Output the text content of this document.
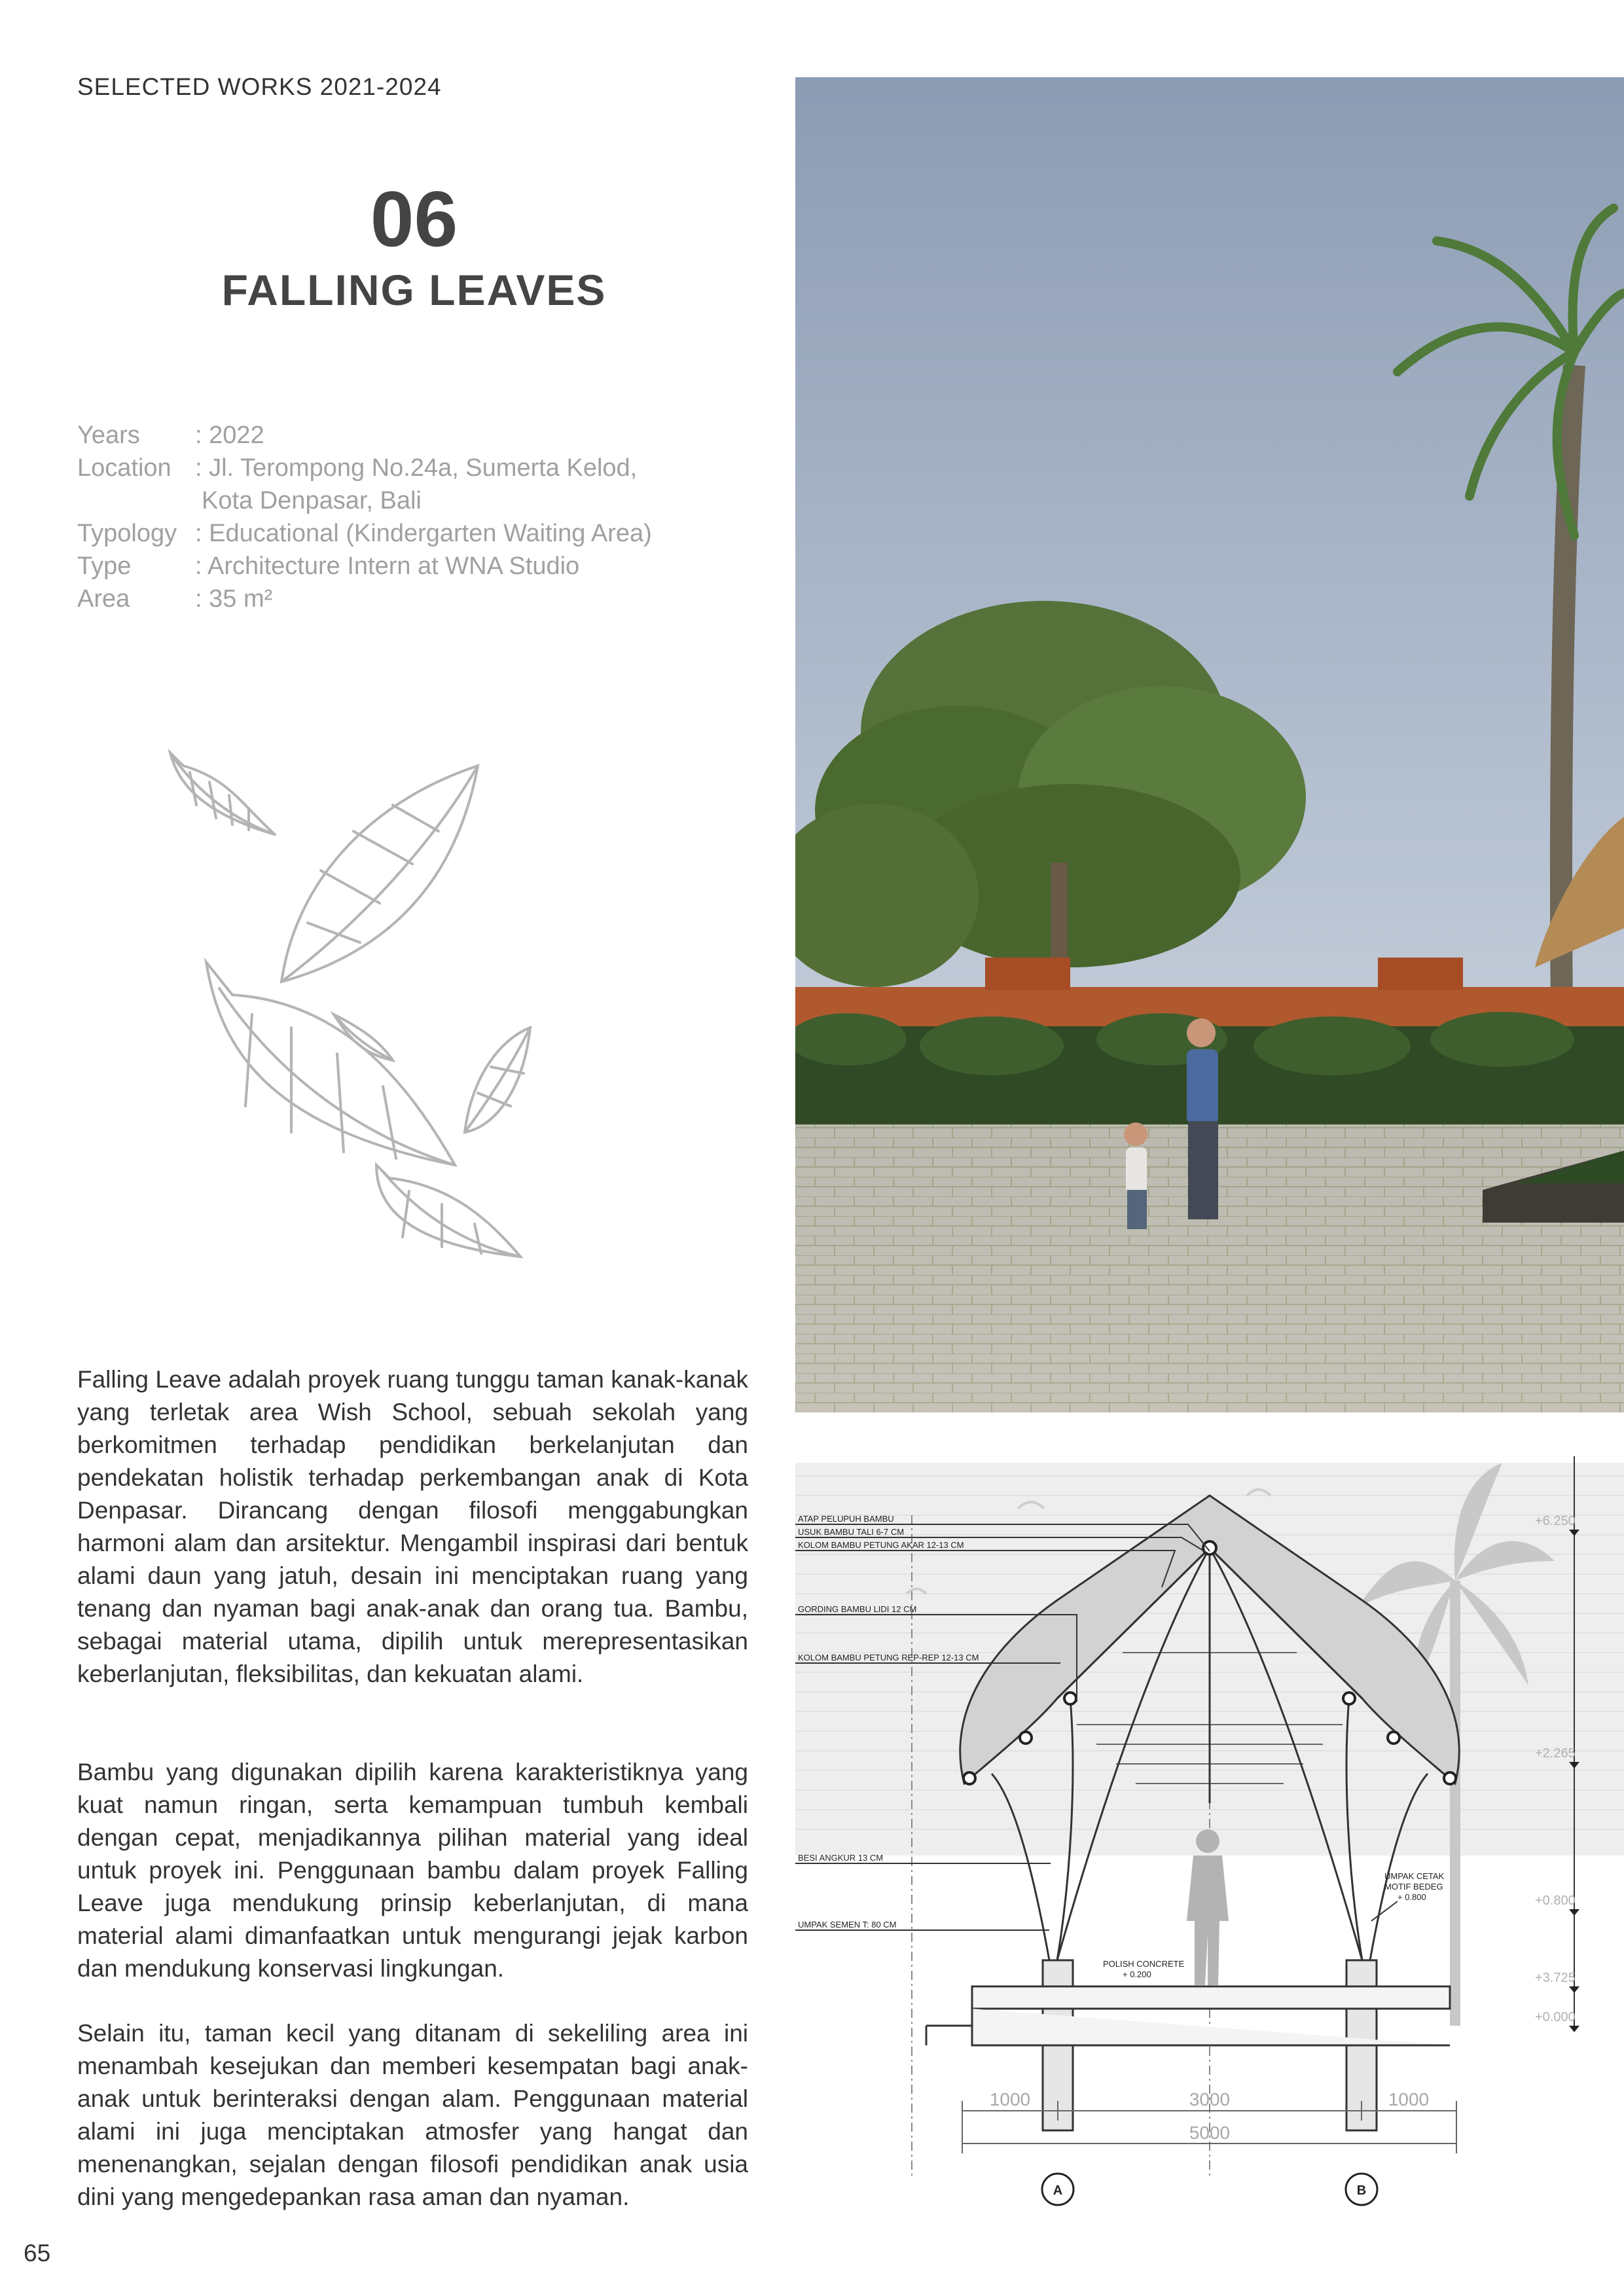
SELECTED WORKS 2021-2024
06
FALLING LEAVES
Years	: 2022
Location : Jl. Terompong No.24a, Sumerta Kelod,
Kota Denpasar, Bali
Typology : Educational (Kindergarten Waiting Area)
Type	: Architecture Intern at WNA Studio
Area	: 35 m²

Falling Leave adalah proyek ruang tunggu taman kanak-kanak yang terletak area Wish School, sebuah sekolah yang berkomitmen terhadap pendidikan berkelanjutan dan pendekatan holistik terhadap perkembangan anak di Kota Denpasar. Dirancang dengan filosofi menggabungkan harmoni alam dan arsitektur. Mengambil inspirasi dari bentuk alami daun yang jatuh, desain ini menciptakan ruang yang tenang dan nyaman bagi anak-anak dan orang tua. Bambu, sebagai material utama, dipilih untuk merepresentasikan keberlanjutan, fleksibilitas, dan kekuatan alami.

Bambu yang digunakan dipilih karena karakteristiknya yang kuat namun ringan, serta kemampuan tumbuh kembali dengan cepat, menjadikannya pilihan material yang ideal untuk proyek ini. Penggunaan bambu dalam proyek Falling Leave juga mendukung prinsip keberlanjutan, di mana material alami dimanfaatkan untuk mengurangi jejak karbon dan mendukung konservasi lingkungan.

Selain itu, taman kecil yang ditanam di sekeliling area ini menambah kesejukan dan memberi kesempatan bagi anak-anak untuk berinteraksi dengan alam. Penggunaan material alami ini juga menciptakan atmosfer yang hangat dan menenangkan, sejalan dengan filosofi pendidikan anak usia dini yang mengedepankan rasa aman dan nyaman.

65
ATAP PELUPUH BAMBU
USUK BAMBU TALI 6-7 CM
KOLOM BAMBU PETUNG AKAR 12-13 CM
GORDING BAMBU LIDI 12 CM
KOLOM BAMBU PETUNG REP-REP 12-13 CM
BESI ANGKUR 13 CM
UMPAK SEMEN T: 80 CM
UMPAK CETAK
MOTIF BEDEG
+ 0.800
POLISH CONCRETE
+ 0.200
+6.250
+2.265
+0.800
+3.725
+0.000
1000	3000	1000
5000
A	B
